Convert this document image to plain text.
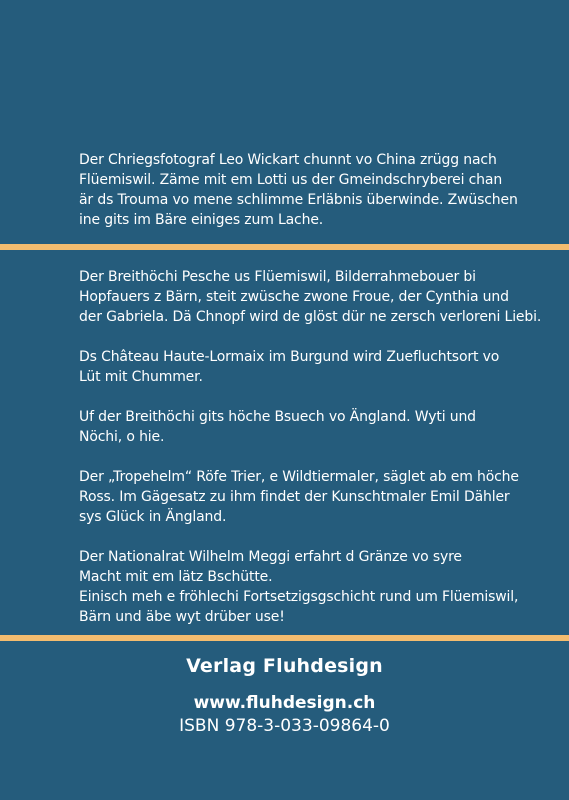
Der Chriegsfotograf Leo Wickart chunnt vo China zrügg nach
Flüemiswil. Zäme mit em Lotti us der Gmeindschryberei chan
är ds Trouma vo mene schlimme Erläbnis überwinde. Zwüschen
ine gits im Bäre einiges zum Lache.

Der Breithöchi Pesche us Flüemiswil, Bilderrahmebouer bi
Hopfauers z Bärn, steit zwüsche zwone Froue, der Cynthia und
der Gabriela. Dä Chnopf wird de glöst dür ne zersch verloreni Liebi.

Ds Château Haute-Lormaix im Burgund wird Zuefluchtsort vo
Lüt mit Chummer.

Uf der Breithöchi gits höche Bsuech vo Ängland. Wyti und
Nöchi, o hie.

Der „Tropehelm“ Röfe Trier, e Wildtiermaler, säglet ab em höche
Ross. Im Gägesatz zu ihm findet der Kunschtmaler Emil Dähler
sys Glück in Ängland.

Der Nationalrat Wilhelm Meggi erfahrt d Gränze vo syre
Macht mit em lätz Bschütte.
Einisch meh e fröhlechi Fortsetzigsgschicht rund um Flüemiswil,
Bärn und äbe wyt drüber use!

Verlag Fluhdesign
www.fluhdesign.ch
ISBN 978-3-033-09864-0
